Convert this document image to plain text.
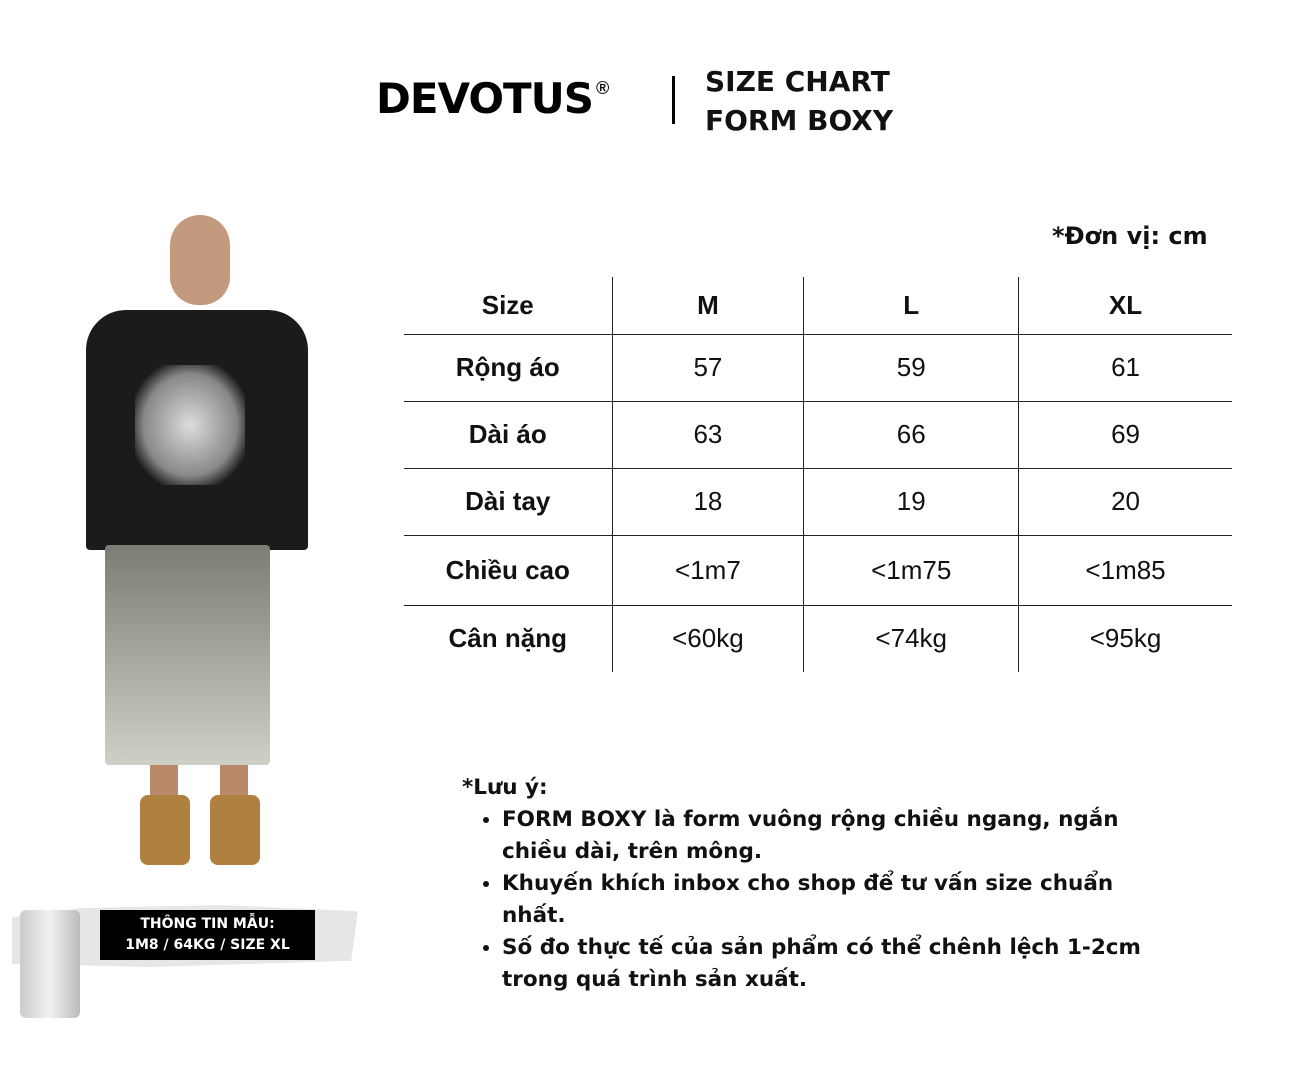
DEVOTUS ®	SIZE CHART
FORM BOXY
*Đơn vị: cm
Size	M	L	XL
Rộng áo	57	59	61
Dài áo	63	66	69
Dài tay	18	19	20
Chiều cao	<1m7	<1m75	<1m85
Cân nặng	<60kg	<74kg	<95kg
*Lưu ý:
• FORM BOXY là form vuông rộng chiều ngang, ngắn chiều dài, trên mông.
• Khuyến khích inbox cho shop để tư vấn size chuẩn nhất.
• Số đo thực tế của sản phẩm có thể chênh lệch 1-2cm trong quá trình sản xuất.
THÔNG TIN MẪU:
1M8 / 64KG / SIZE XL
